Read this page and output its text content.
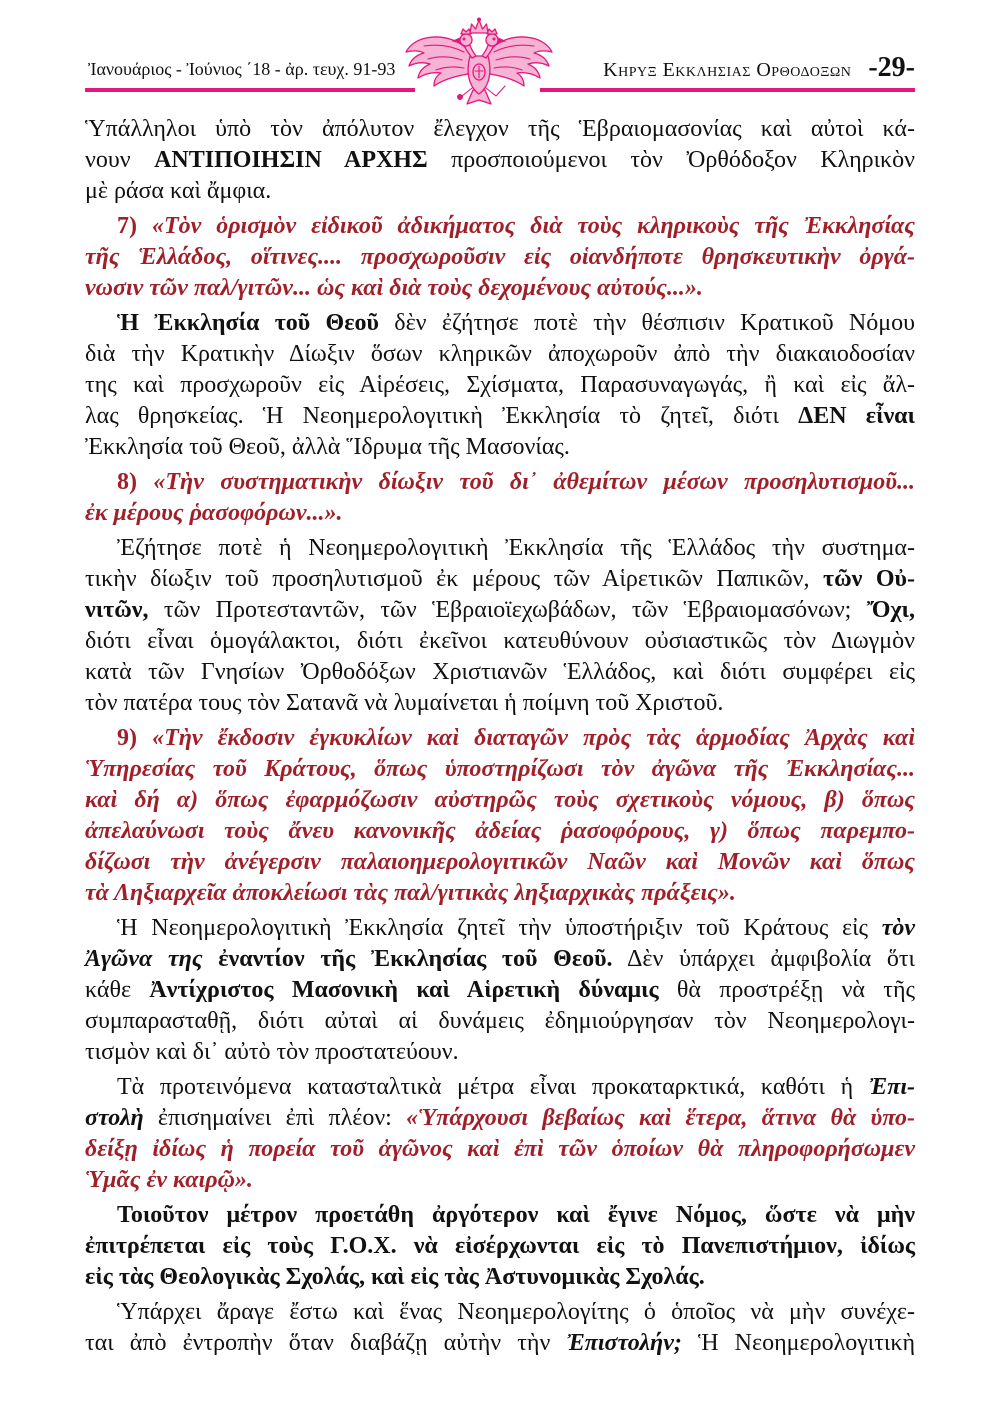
Ἰανουάριος - Ἰούνιος ΄18 - ἀρ. τευχ. 91-93	Κηρυξ Εκκλησιας Ορθοδοξων -29-
Ὑπάλληλοι ὑπὸ τὸν ἀπόλυτον ἔλεγχον τῆς Ἑβραιομασονίας καὶ αὐτοὶ κά-
νουν ΑΝΤΙΠΟΙΗΣΙΝ ΑΡΧΗΣ προσποιούμενοι τὸν Ὀρθόδοξον Κληρικὸν
μὲ ράσα καὶ ἄμφια.
7) «Τὸν ὁρισμὸν εἰδικοῦ ἀδικήματος διὰ τοὺς κληρικοὺς τῆς Ἐκκλησίας
τῆς Ἑλλάδος, οἵτινες.... προσχωροῦσιν εἰς οἱανδήποτε θρησκευτικὴν ὀργά-
νωσιν τῶν παλ/γιτῶν... ὡς καὶ διὰ τοὺς δεχομένους αὐτούς...».
Ἡ Ἐκκλησία τοῦ Θεοῦ δὲν ἐζήτησε ποτὲ τὴν θέσπισιν Κρατικοῦ Νόμου
διὰ τὴν Κρατικὴν Δίωξιν ὅσων κληρικῶν ἀποχωροῦν ἀπὸ τὴν διακαιοδοσίαν
της καὶ προσχωροῦν εἰς Αἱρέσεις, Σχίσματα, Παρασυναγωγάς, ἢ καὶ εἰς ἄλ-
λας θρησκείας. Ἡ Νεοημερολογιτικὴ Ἐκκλησία τὸ ζητεῖ, διότι ΔΕΝ εἶναι
Ἐκκλησία τοῦ Θεοῦ, ἀλλὰ Ἵδρυμα τῆς Μασονίας.
8) «Τὴν συστηματικὴν δίωξιν τοῦ δι᾽ ἀθεμίτων μέσων προσηλυτισμοῦ...
ἐκ μέρους ῥασοφόρων...».
Ἐζήτησε ποτὲ ἡ Νεοημερολογιτικὴ Ἐκκλησία τῆς Ἑλλάδος τὴν συστημα-
τικὴν δίωξιν τοῦ προσηλυτισμοῦ ἐκ μέρους τῶν Αἱρετικῶν Παπικῶν, τῶν Οὐ-
νιτῶν, τῶν Προτεσταντῶν, τῶν Ἑβραιοϊεχωβάδων, τῶν Ἑβραιομασόνων; Ὄχι,
διότι εἶναι ὁμογάλακτοι, διότι ἐκεῖνοι κατευθύνουν οὐσιαστικῶς τὸν Διωγμὸν
κατὰ τῶν Γνησίων Ὀρθοδόξων Χριστιανῶν Ἑλλάδος, καὶ διότι συμφέρει εἰς
τὸν πατέρα τους τὸν Σατανᾶ νὰ λυμαίνεται ἡ ποίμνη τοῦ Χριστοῦ.
9) «Τὴν ἔκδοσιν ἐγκυκλίων καὶ διαταγῶν πρὸς τὰς ἁρμοδίας Ἀρχὰς καὶ
Ὑπηρεσίας τοῦ Κράτους, ὅπως ὑποστηρίζωσι τὸν ἀγῶνα τῆς Ἐκκλησίας...
καὶ δή α) ὅπως ἐφαρμόζωσιν αὐστηρῶς τοὺς σχετικοὺς νόμους, β) ὅπως
ἀπελαύνωσι τοὺς ἄνευ κανονικῆς ἀδείας ῥασοφόρους, γ) ὅπως παρεμπο-
δίζωσι τὴν ἀνέγερσιν παλαιοημερολογιτικῶν Ναῶν καὶ Μονῶν καὶ ὅπως
τὰ Ληξιαρχεῖα ἀποκλείωσι τὰς παλ/γιτικὰς ληξιαρχικὰς πράξεις».
Ἡ Νεοημερολογιτικὴ Ἐκκλησία ζητεῖ τὴν ὑποστήριξιν τοῦ Κράτους εἰς τὸν
Ἀγῶνα της ἐναντίον τῆς Ἐκκλησίας τοῦ Θεοῦ. Δὲν ὑπάρχει ἀμφιβολία ὅτι
κάθε Ἀντίχριστος Μασονικὴ καὶ Αἱρετικὴ δύναμις θὰ προστρέξῃ νὰ τῆς
συμπαρασταθῇ, διότι αὐταὶ αἱ δυνάμεις ἐδημιούργησαν τὸν Νεοημερολογι-
τισμὸν καὶ δι᾽ αὐτὸ τὸν προστατεύουν.
Τὰ προτεινόμενα κατασταλτικὰ μέτρα εἶναι προκαταρκτικά, καθότι ἡ Ἐπι-
στολὴ ἐπισημαίνει ἐπὶ πλέον: «Ὑπάρχουσι βεβαίως καὶ ἕτερα, ἅτινα θὰ ὑπο-
δείξῃ ἰδίως ἡ πορεία τοῦ ἀγῶνος καὶ ἐπὶ τῶν ὁποίων θὰ πληροφορήσωμεν
Ὑμᾶς ἐν καιρῷ».
Τοιοῦτον μέτρον προετάθη ἀργότερον καὶ ἔγινε Νόμος, ὥστε νὰ μὴν
ἐπιτρέπεται εἰς τοὺς Γ.Ο.Χ. νὰ εἰσέρχωνται εἰς τὸ Πανεπιστήμιον, ἰδίως
εἰς τὰς Θεολογικὰς Σχολάς, καὶ εἰς τὰς Ἀστυνομικὰς Σχολάς.
Ὑπάρχει ἄραγε ἔστω καὶ ἕνας Νεοημερολογίτης ὁ ὁποῖος νὰ μὴν συνέχε-
ται ἀπὸ ἐντροπὴν ὅταν διαβάζῃ αὐτὴν τὴν Ἐπιστολήν; Ἡ Νεοημερολογιτικὴ
